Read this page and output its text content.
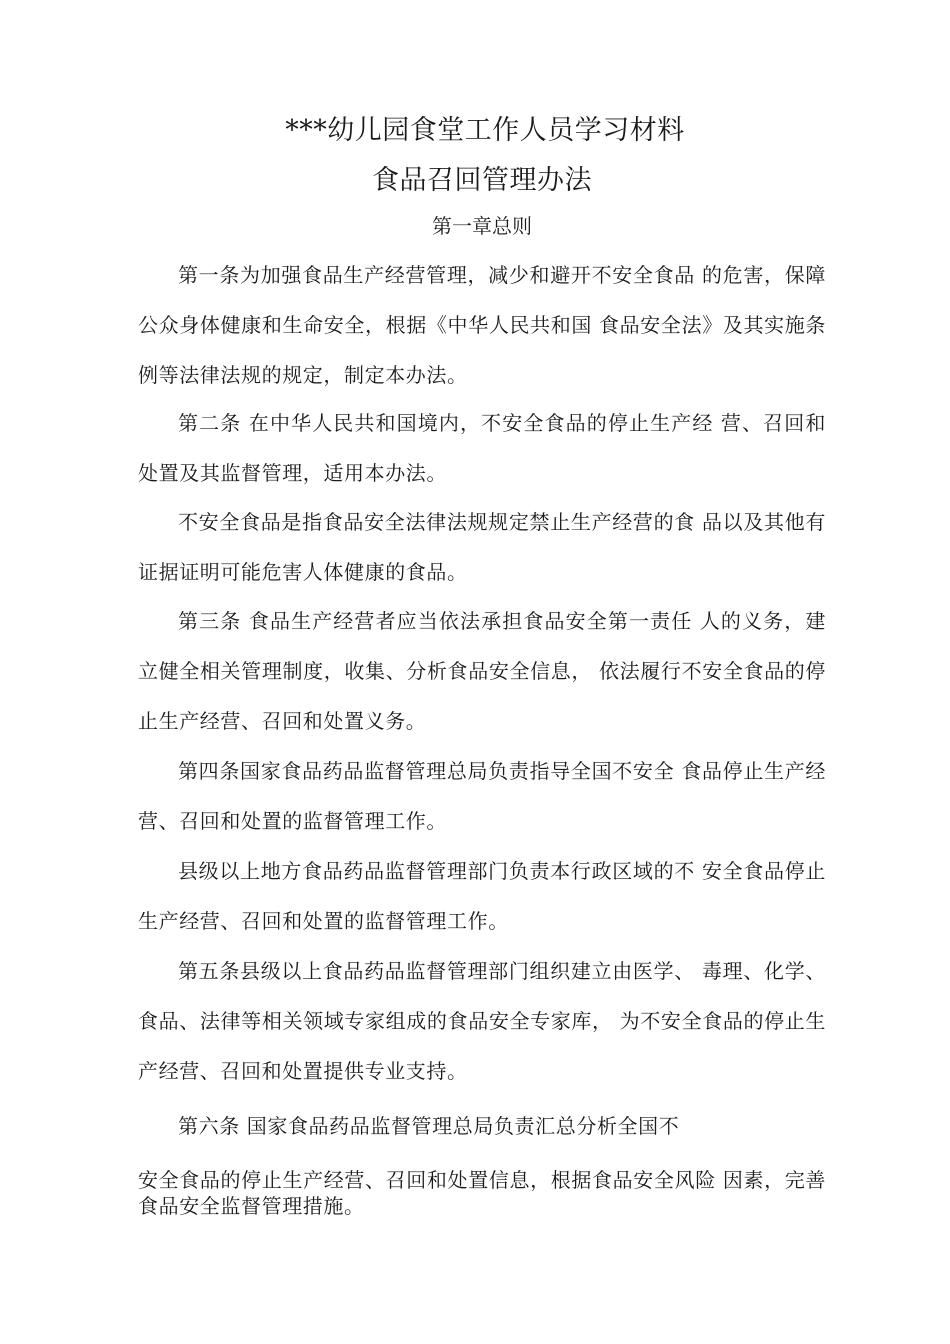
***幼儿园食堂工作人员学习材料
食品召回管理办法
第一章总则

第一条为加强食品生产经营管理，减少和避开不安全食品 的危害，保障公众身体健康和生命安全，根据《中华人民共和国 食品安全法》及其实施条例等法律法规的规定，制定本办法。

第二条 在中华人民共和国境内，不安全食品的停止生产经 营、召回和处置及其监督管理，适用本办法。

不安全食品是指食品安全法律法规规定禁止生产经营的食 品以及其他有证据证明可能危害人体健康的食品。

第三条 食品生产经营者应当依法承担食品安全第一责任 人的义务，建立健全相关管理制度，收集、分析食品安全信息， 依法履行不安全食品的停止生产经营、召回和处置义务。

第四条国家食品药品监督管理总局负责指导全国不安全 食品停止生产经营、召回和处置的监督管理工作。

县级以上地方食品药品监督管理部门负责本行政区域的不 安全食品停止生产经营、召回和处置的监督管理工作。

第五条县级以上食品药品监督管理部门组织建立由医学、 毒理、化学、食品、法律等相关领域专家组成的食品安全专家库， 为不安全食品的停止生产经营、召回和处置提供专业支持。

第六条 国家食品药品监督管理总局负责汇总分析全国不

安全食品的停止生产经营、召回和处置信息，根据食品安全风险 因素，完善食品安全监督管理措施。
